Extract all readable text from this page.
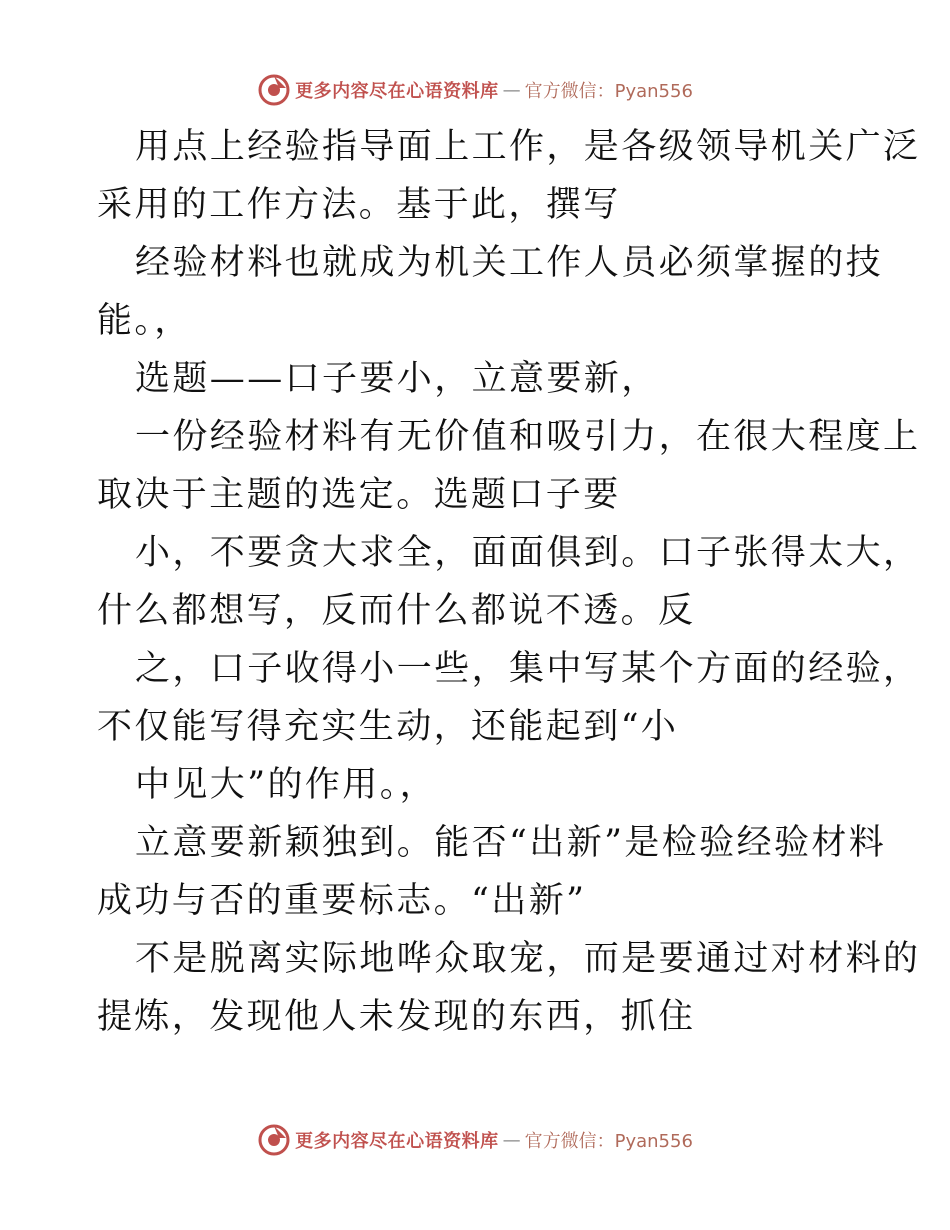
更多内容尽在心语资料库 — 官方微信：Pyan556

用点上经验指导面上工作，是各级领导机关广泛
采用的工作方法。基于此，撰写

经验材料也就成为机关工作人员必须掌握的技
能。，

选题——口子要小，立意要新，

一份经验材料有无价值和吸引力，在很大程度上
取决于主题的选定。选题口子要

小，不要贪大求全，面面俱到。口子张得太大，
什么都想写，反而什么都说不透。反

之，口子收得小一些，集中写某个方面的经验，
不仅能写得充实生动，还能起到“小

中见大”的作用。，

立意要新颖独到。能否“出新”是检验经验材料
成功与否的重要标志。“出新”

不是脱离实际地哗众取宠，而是要通过对材料的
提炼，发现他人未发现的东西，抓住

更多内容尽在心语资料库 — 官方微信：Pyan556
